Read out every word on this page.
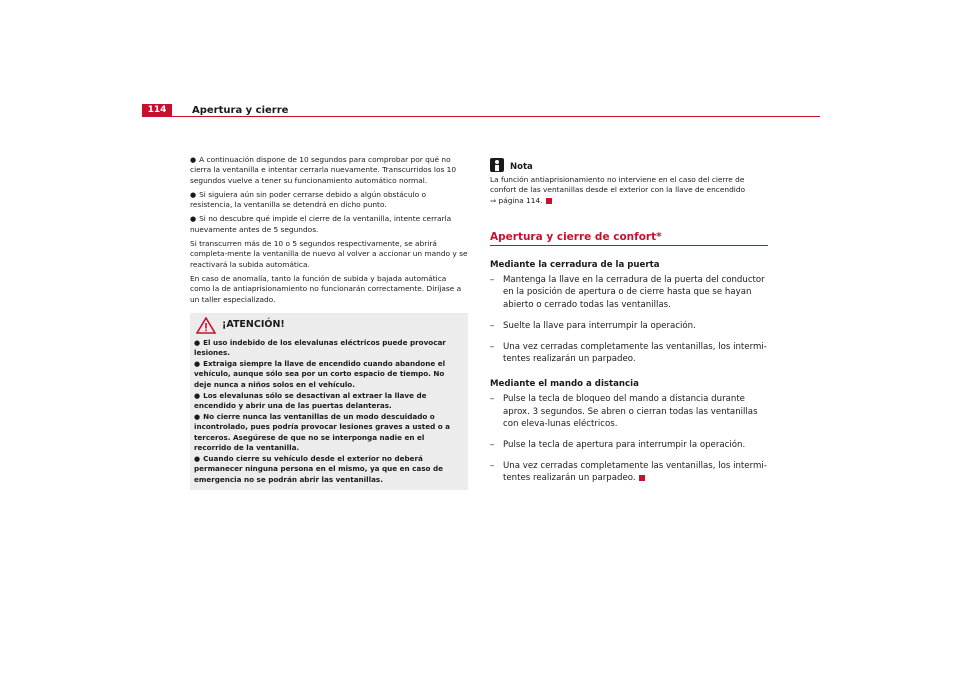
114	Apertura y cierre

● A continuación dispone de 10 segundos para comprobar por qué no cierra la ventanilla e intentar cerrarla nuevamente. Transcurridos los 10 segundos vuelve a tener su funcionamiento automático normal.

● Si siguiera aún sin poder cerrarse debido a algún obstáculo o resistencia, la ventanilla se detendrá en dicho punto.

● Si no descubre qué impide el cierre de la ventanilla, intente cerrarla nuevamente antes de 5 segundos.

Si transcurren más de 10 o 5 segundos respectivamente, se abrirá completa-mente la ventanilla de nuevo al volver a accionar un mando y se reactivará la subida automática.

En caso de anomalía, tanto la función de subida y bajada automática como la de antiaprisionamiento no funcionarán correctamente. Diríjase a un taller especializado.

¡ATENCIÓN!
● El uso indebido de los elevalunas eléctricos puede provocar lesiones.
● Extraiga siempre la llave de encendido cuando abandone el vehículo, aunque sólo sea por un corto espacio de tiempo. No deje nunca a niños solos en el vehículo.
● Los elevalunas sólo se desactivan al extraer la llave de encendido y abrir una de las puertas delanteras.
● No cierre nunca las ventanillas de un modo descuidado o incontrolado, pues podría provocar lesiones graves a usted o a terceros. Asegúrese de que no se interponga nadie en el recorrido de la ventanilla.
● Cuando cierre su vehículo desde el exterior no deberá permanecer ninguna persona en el mismo, ya que en caso de emergencia no se podrán abrir las ventanillas.
Nota
La función antiaprisionamiento no interviene en el caso del cierre de confort de las ventanillas desde el exterior con la llave de encendido
⇒ página 114.
Apertura y cierre de confort*
Mediante la cerradura de la puerta
–	Mantenga la llave en la cerradura de la puerta del conductor en la posición de apertura o de cierre hasta que se hayan abierto o cerrado todas las ventanillas.
–	Suelte la llave para interrumpir la operación.
–	Una vez cerradas completamente las ventanillas, los intermi-tentes realizarán un parpadeo.
Mediante el mando a distancia
–	Pulse la tecla de bloqueo del mando a distancia durante aprox. 3 segundos. Se abren o cierran todas las ventanillas con eleva-lunas eléctricos.
–	Pulse la tecla de apertura para interrumpir la operación.
–	Una vez cerradas completamente las ventanillas, los intermi-tentes realizarán un parpadeo.
